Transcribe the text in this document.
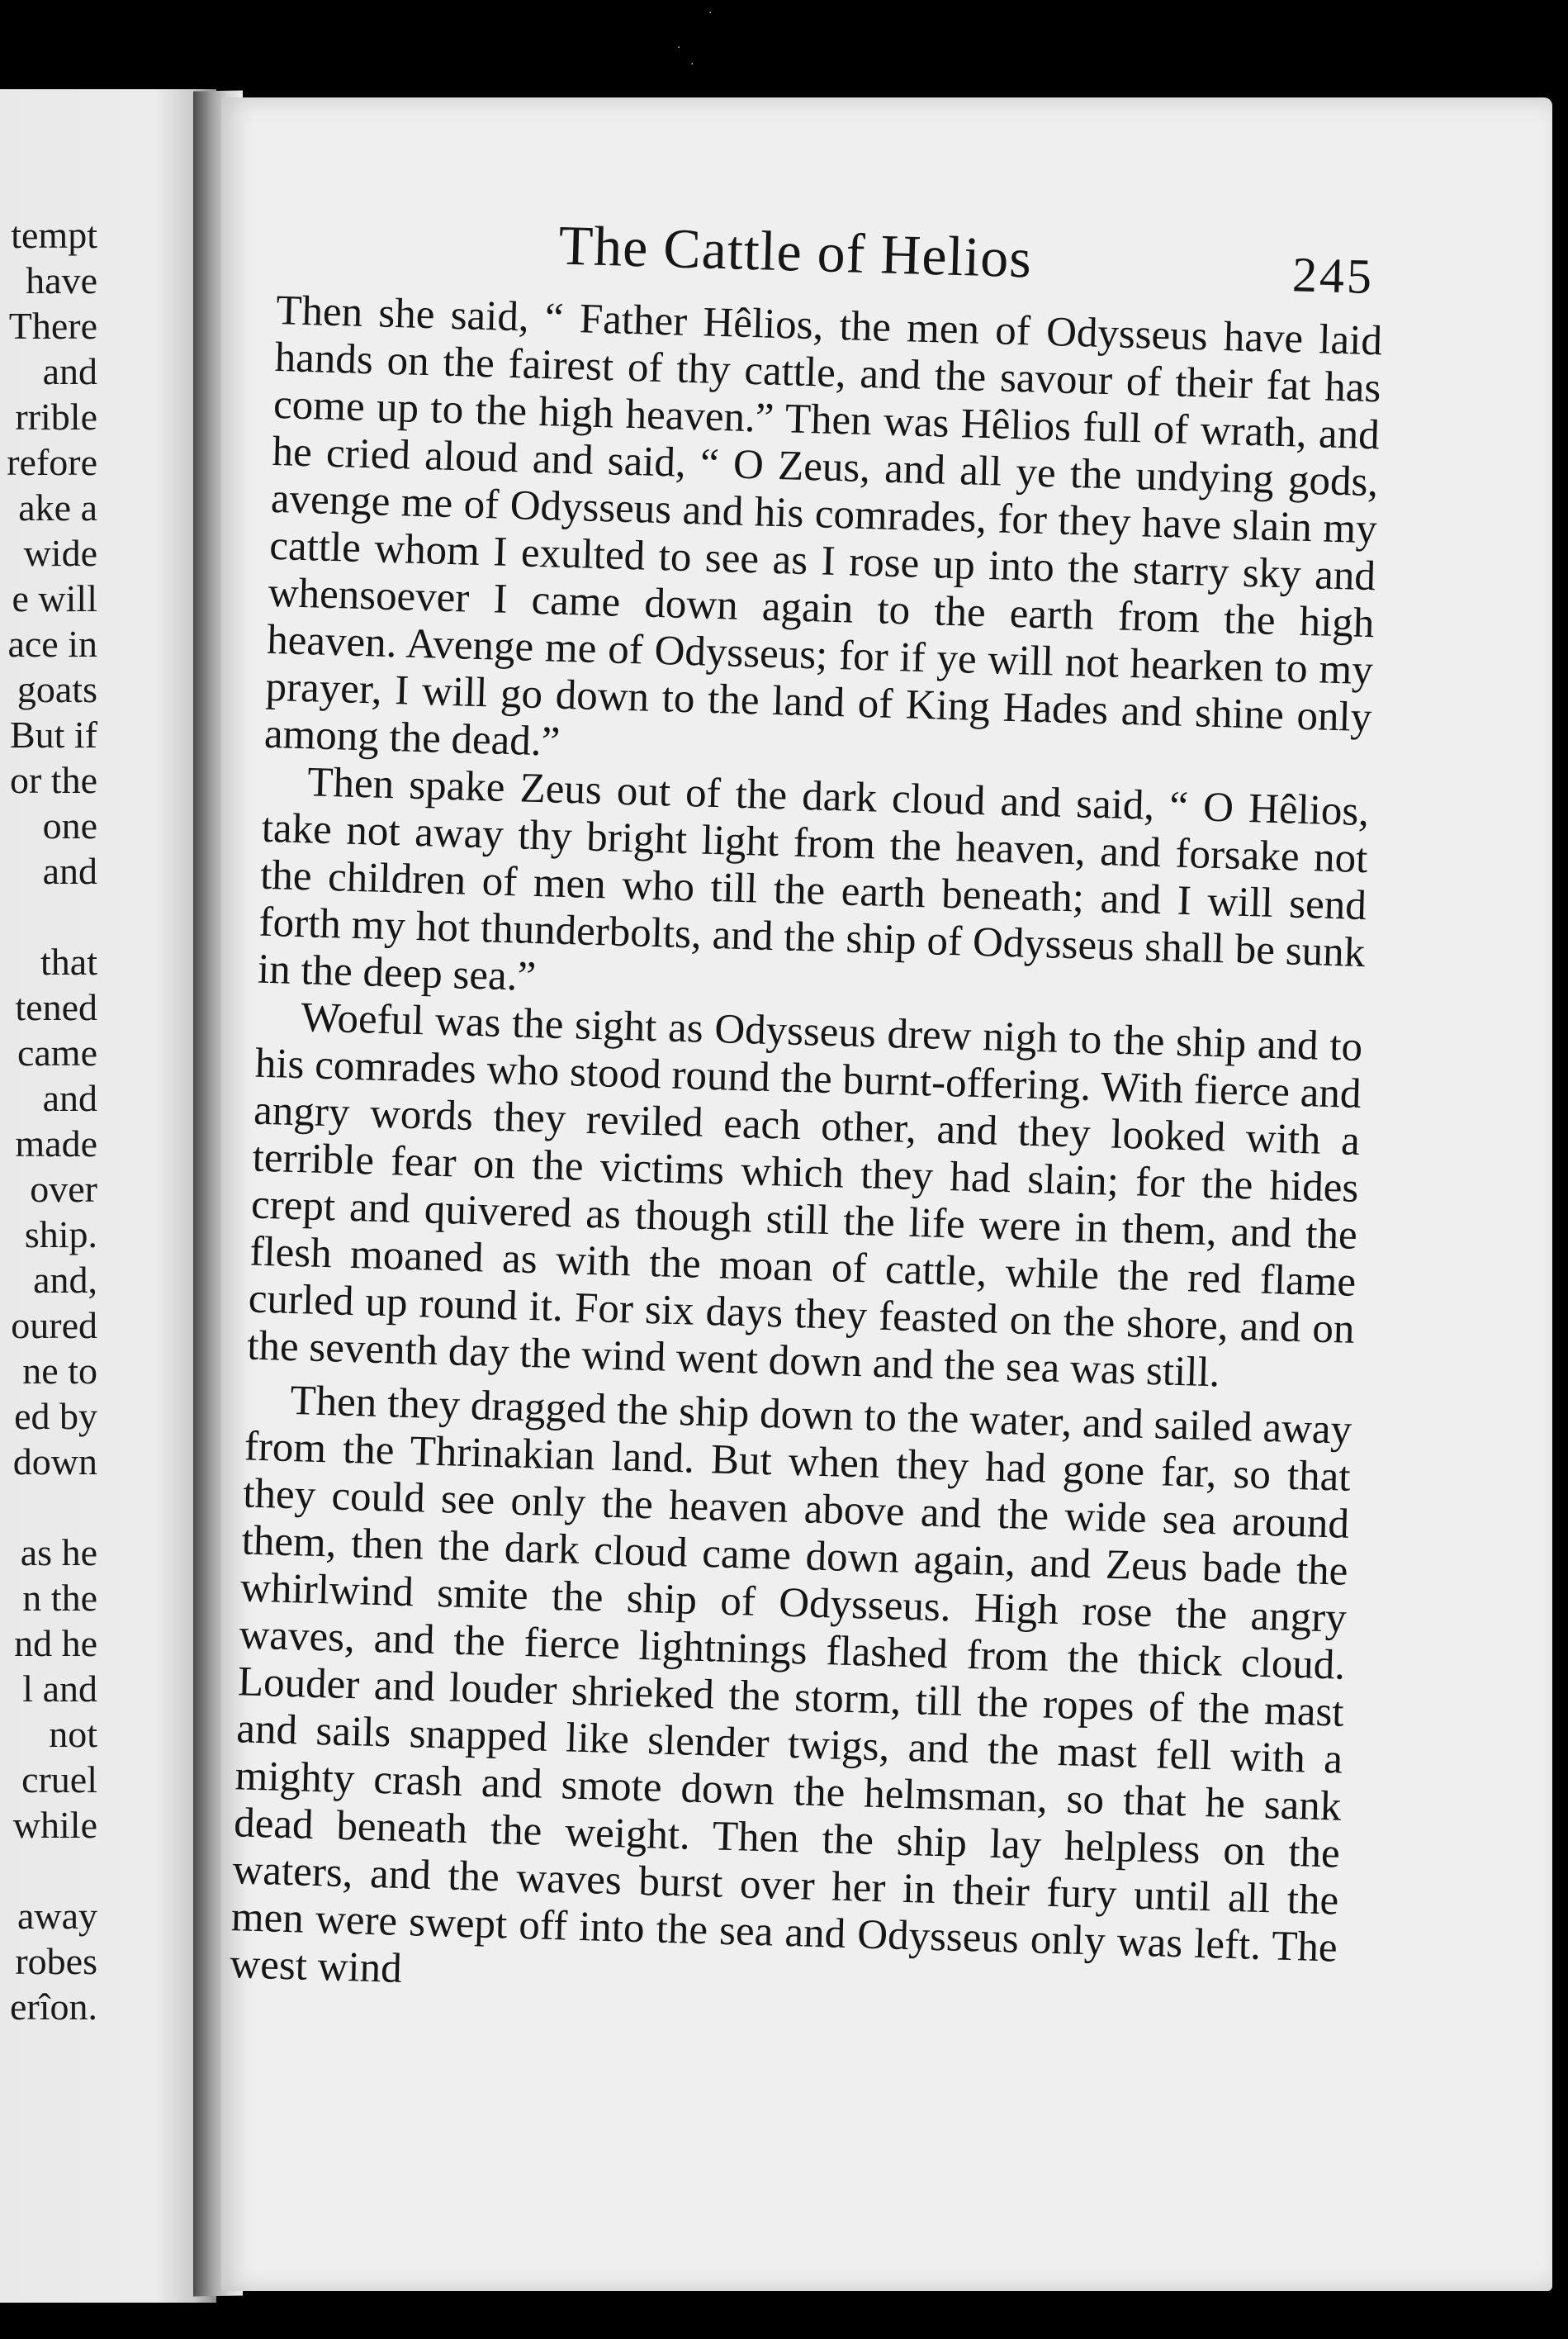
·
·
·
tempt
have
There
and
rrible
refore
ake a
wide
e will
ace in
goats
But if
or the
one
and
that
tened
came
and
made
over
ship.
and,
oured
ne to
ed by
down
as he
n the
nd he
l and
not
cruel
while
away
robes
erîon.
The Cattle of Helios	245

Then she said, “ Father Hêlios, the men of Odysseus have laid hands on the fairest of thy cattle, and the savour of their fat has come up to the high heaven.” Then was Hêlios full of wrath, and he cried aloud and said, “ O Zeus, and all ye the undying gods, avenge me of Odysseus and his comrades, for they have slain my cattle whom I exulted to see as I rose up into the starry sky and whensoever I came down again to the earth from the high heaven. Avenge me of Odysseus; for if ye will not hearken to my prayer, I will go down to the land of King Hades and shine only among the dead.”

Then spake Zeus out of the dark cloud and said, “ O Hêlios, take not away thy bright light from the heaven, and forsake not the children of men who till the earth beneath; and I will send forth my hot thunderbolts, and the ship of Odysseus shall be sunk in the deep sea.”

Woeful was the sight as Odysseus drew nigh to the ship and to his comrades who stood round the burnt-offering. With fierce and angry words they reviled each other, and they looked with a terrible fear on the victims which they had slain; for the hides crept and quivered as though still the life were in them, and the flesh moaned as with the moan of cattle, while the red flame curled up round it. For six days they feasted on the shore, and on the seventh day the wind went down and the sea was still.

Then they dragged the ship down to the water, and sailed away from the Thrinakian land. But when they had gone far, so that they could see only the heaven above and the wide sea around them, then the dark cloud came down again, and Zeus bade the whirlwind smite the ship of Odysseus. High rose the angry waves, and the fierce lightnings flashed from the thick cloud. Louder and louder shrieked the storm, till the ropes of the mast and sails snapped like slender twigs, and the mast fell with a mighty crash and smote down the helmsman, so that he sank dead beneath the weight. Then the ship lay helpless on the waters, and the waves burst over her in their fury until all the men were swept off into the sea and Odysseus only was left. The west wind
